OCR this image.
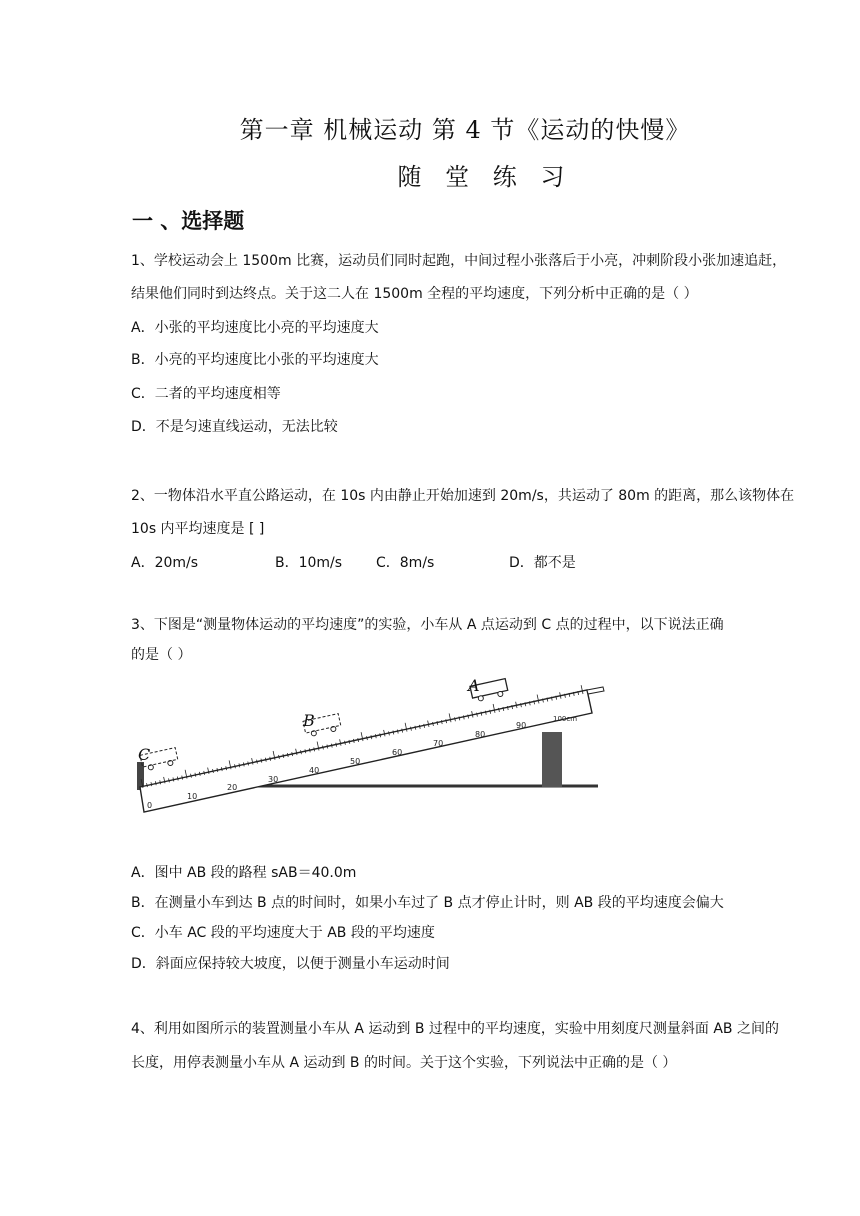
第一章 机械运动 第 4 节《运动的快慢》
随 堂 练 习
一 、选择题
1、学校运动会上 1500m 比赛，运动员们同时起跑，中间过程小张落后于小亮，冲刺阶段小张加速追赶，
结果他们同时到达终点。关于这二人在 1500m 全程的平均速度，下列分析中正确的是（ ）
A．小张的平均速度比小亮的平均速度大
B．小亮的平均速度比小张的平均速度大
C．二者的平均速度相等
D．不是匀速直线运动，无法比较
2、一物体沿水平直公路运动，在 10s 内由静止开始加速到 20m/s，共运动了 80m 的距离，那么该物体在
10s 内平均速度是 [ ]
A．20m/s	B．10m/s C．8m/s	D．都不是
3、下图是“测量物体运动的平均速度”的实验，小车从 A 点运动到 C 点的过程中，以下说法正确
的是（ ）
0
10
20
30
40
50
60
70
80
90
100cm
C
B
A
A．图中 AB 段的路程 sAB＝40.0m
B．在测量小车到达 B 点的时间时，如果小车过了 B 点才停止计时，则 AB 段的平均速度会偏大
C．小车 AC 段的平均速度大于 AB 段的平均速度
D．斜面应保持较大坡度，以便于测量小车运动时间
4、利用如图所示的装置测量小车从 A 运动到 B 过程中的平均速度，实验中用刻度尺测量斜面 AB 之间的
长度，用停表测量小车从 A 运动到 B 的时间。关于这个实验，下列说法中正确的是（ ）
